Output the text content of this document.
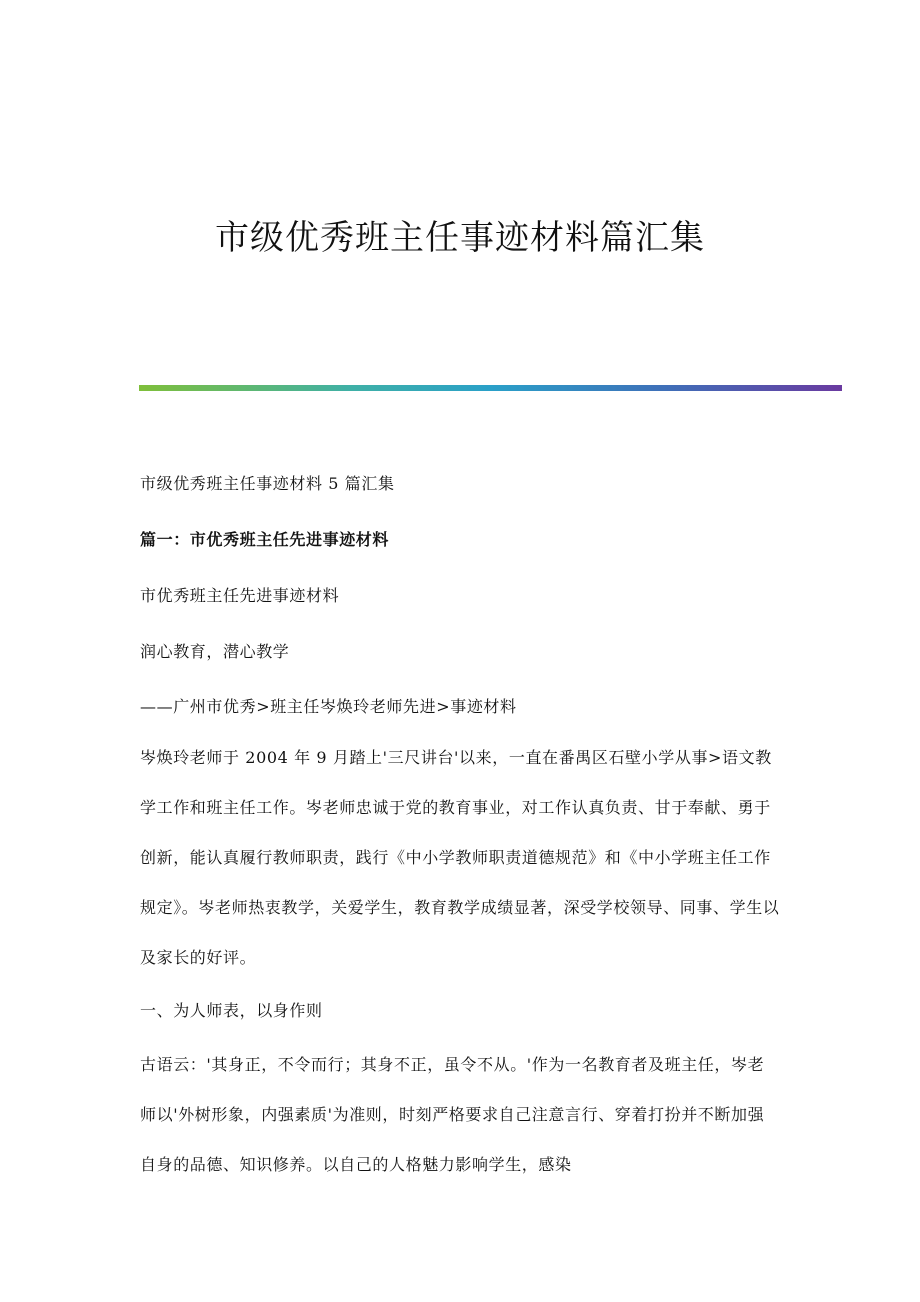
市级优秀班主任事迹材料篇汇集

市级优秀班主任事迹材料 5 篇汇集

篇一：市优秀班主任先进事迹材料

市优秀班主任先进事迹材料

润心教育，潜心教学

——广州市优秀>班主任岑焕玲老师先进>事迹材料

岑焕玲老师于 2004 年 9 月踏上'三尺讲台'以来，一直在番禺区石壁小学从事>语文教学工作和班主任工作。岑老师忠诚于党的教育事业，对工作认真负责、甘于奉献、勇于创新，能认真履行教师职责，践行《中小学教师职责道德规范》和《中小学班主任工作规定》。岑老师热衷教学，关爱学生，教育教学成绩显著，深受学校领导、同事、学生以及家长的好评。

一、为人师表，以身作则

古语云：'其身正，不令而行；其身不正，虽令不从。'作为一名教育者及班主任，岑老师以'外树形象，内强素质'为准则，时刻严格要求自己注意言行、穿着打扮并不断加强自身的品德、知识修养。以自己的人格魅力影响学生，感染
